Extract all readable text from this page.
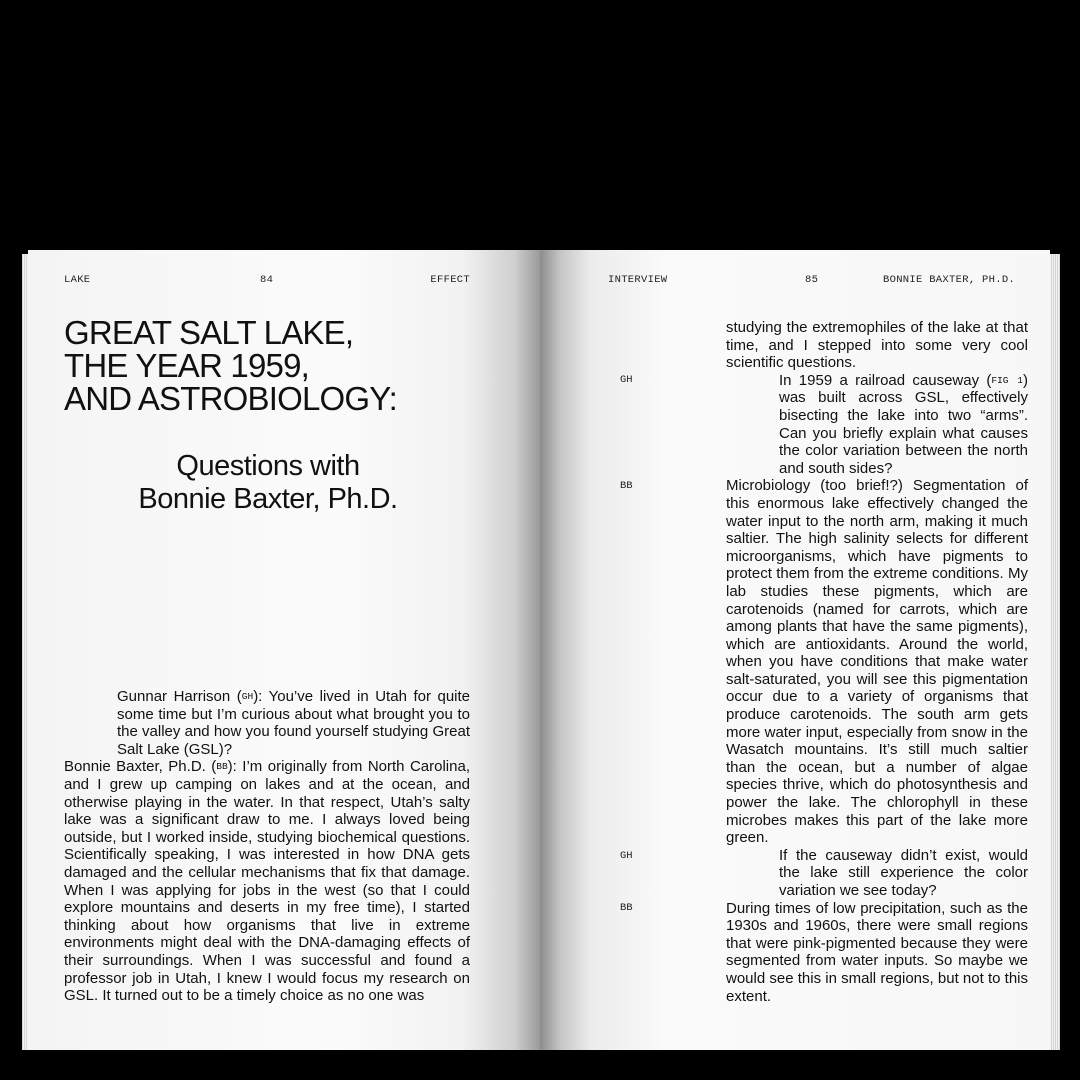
LAKE	84	EFFECT
GREAT SALT LAKE,
THE YEAR 1959,
AND ASTROBIOLOGY:
Questions with
Bonnie Baxter, Ph.D.

Gunnar Harrison ($^{GH}$): You’ve lived in Utah for quite some time but I’m curious about what brought you to the valley and how you found yourself studying Great Salt Lake (GSL)?

Bonnie Baxter, Ph.D. ($^{BB}$): I’m originally from North Carolina, and I grew up camping on lakes and at the ocean, and otherwise playing in the water. In that respect, Utah’s salty lake was a significant draw to me. I always loved being outside, but I worked inside, studying biochemical questions. Scientifically speaking, I was interested in how DNA gets damaged and the cellular mechanisms that fix that damage. When I was applying for jobs in the west (so that I could explore mountains and deserts in my free time), I started thinking about how organisms that live in extreme environments might deal with the DNA-damaging effects of their surroundings. When I was successful and found a professor job in Utah, I knew I would focus my research on GSL. It turned out to be a timely choice as no one was

INTERVIEW	85	BONNIE BAXTER, PH.D.
GH
BB
GH
BB

studying the extremophiles of the lake at that time, and I stepped into some very cool scientific questions.

In 1959 a railroad causeway ($^{FIG 1}$) was built across GSL, effectively bisecting the lake into two “arms”. Can you briefly explain what causes the color variation between the north and south sides?

Microbiology (too brief!?) Segmentation of this enormous lake effectively changed the water input to the north arm, making it much saltier. The high salinity selects for different microorganisms, which have pigments to protect them from the extreme conditions. My lab studies these pigments, which are carotenoids (named for carrots, which are among plants that have the same pigments), which are antioxidants. Around the world, when you have conditions that make water salt-saturated, you will see this pigmentation occur due to a variety of organisms that produce carotenoids. The south arm gets more water input, especially from snow in the Wasatch mountains. It’s still much saltier than the ocean, but a number of algae species thrive, which do photosynthesis and power the lake. The chlorophyll in these microbes makes this part of the lake more green.

If the causeway didn’t exist, would the lake still experience the color variation we see today?

During times of low precipitation, such as the 1930s and 1960s, there were small regions that were pink-pigmented because they were segmented from water inputs. So maybe we would see this in small regions, but not to this extent.
